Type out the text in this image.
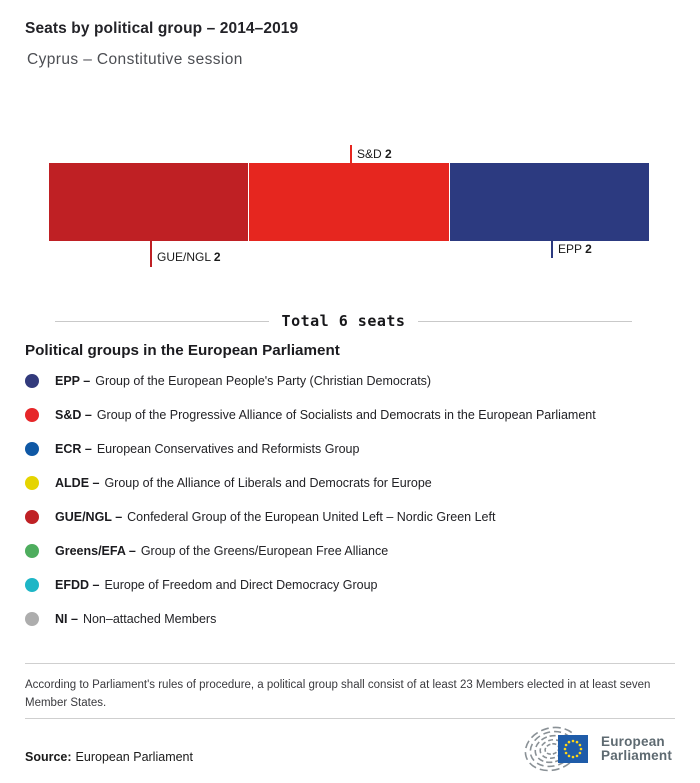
Seats by political group – 2014–2019
Cyprus – Constitutive session
S&D 2
GUE/NGL 2
EPP 2
Total 6 seats
Political groups in the European Parliament
EPP – Group of the European People's Party (Christian Democrats)
S&D – Group of the Progressive Alliance of Socialists and Democrats in the European Parliament
ECR – European Conservatives and Reformists Group
ALDE – Group of the Alliance of Liberals and Democrats for Europe
GUE/NGL – Confederal Group of the European United Left – Nordic Green Left
Greens/EFA – Group of the Greens/European Free Alliance
EFDD – Europe of Freedom and Direct Democracy Group
NI – Non–attached Members
According to Parliament's rules of procedure, a political group shall consist of at least 23 Members elected in at least seven Member States.
Source: European Parliament
European
Parliament
